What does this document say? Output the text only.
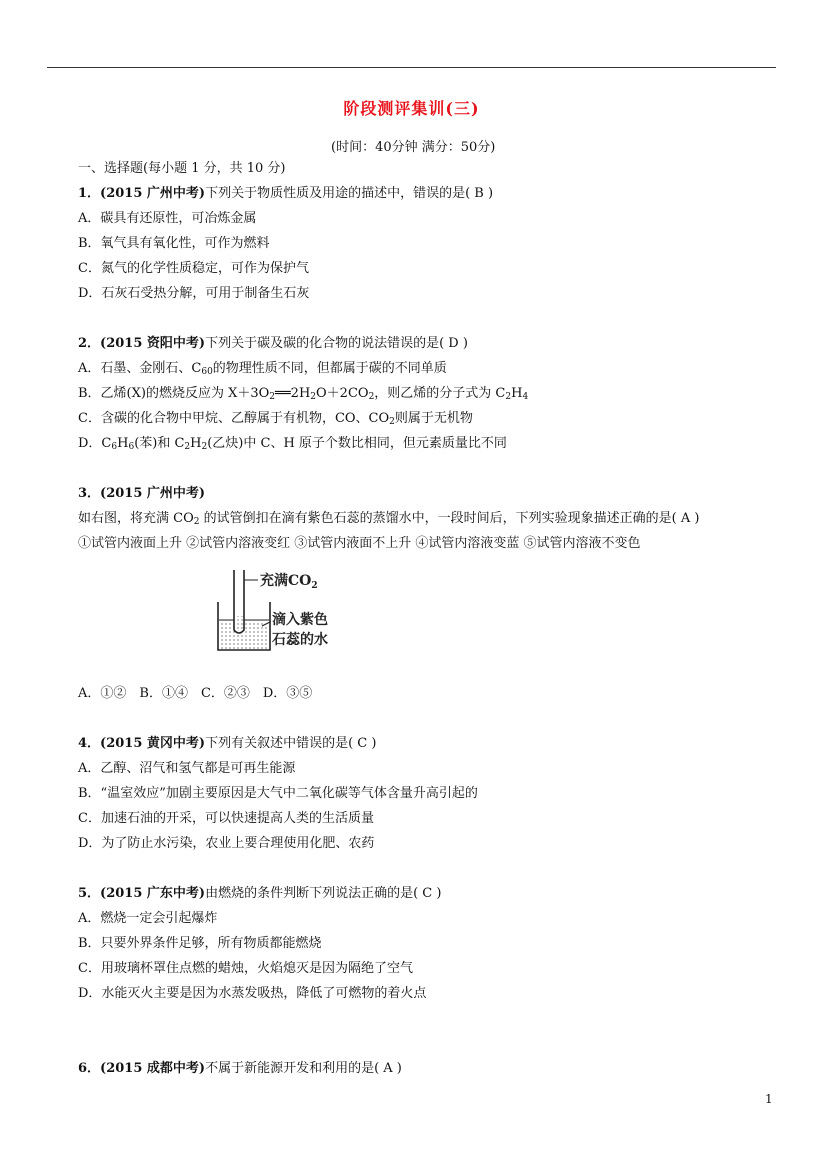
阶段测评集训(三)
(时间：40分钟 满分：50分)
一、选择题(每小题 1 分，共 10 分)
1．(2015 广州中考)下列关于物质性质及用途的描述中，错误的是( B )
A．碳具有还原性，可冶炼金属
B．氧气具有氧化性，可作为燃料
C．氮气的化学性质稳定，可作为保护气
D．石灰石受热分解，可用于制备生石灰
2．(2015 资阳中考)下列关于碳及碳的化合物的说法错误的是( D )
A．石墨、金刚石、$C_{60}$的物理性质不同，但都属于碳的不同单质
B．乙烯(X)的燃烧反应为 $X+3O_2══2H_2O+2CO_2$，则乙烯的分子式为 $C_2H_4$
C．含碳的化合物中甲烷、乙醇属于有机物，CO、$CO_2$则属于无机物
D．$C_6H_6$(苯)和 $C_2H_2$(乙炔)中 C、H 原子个数比相同，但元素质量比不同
3．(2015 广州中考)
如右图，将充满 $CO_2$ 的试管倒扣在滴有紫色石蕊的蒸馏水中，一段时间后，下列实验现象描述正确的是( A )
①试管内液面上升 ②试管内溶液变红 ③试管内液面不上升 ④试管内溶液变蓝 ⑤试管内溶液不变色
充满$CO_2$
滴入紫色
石蕊的水
A．①②　B．①④　C．②③　D．③⑤
4．(2015 黄冈中考)下列有关叙述中错误的是( C )
A．乙醇、沼气和氢气都是可再生能源
B．“温室效应”加剧主要原因是大气中二氧化碳等气体含量升高引起的
C．加速石油的开采，可以快速提高人类的生活质量
D．为了防止水污染，农业上要合理使用化肥、农药
5．(2015 广东中考)由燃烧的条件判断下列说法正确的是( C )
A．燃烧一定会引起爆炸
B．只要外界条件足够，所有物质都能燃烧
C．用玻璃杯罩住点燃的蜡烛，火焰熄灭是因为隔绝了空气
D．水能灭火主要是因为水蒸发吸热，降低了可燃物的着火点
6．(2015 成都中考)不属于新能源开发和利用的是( A )
1
